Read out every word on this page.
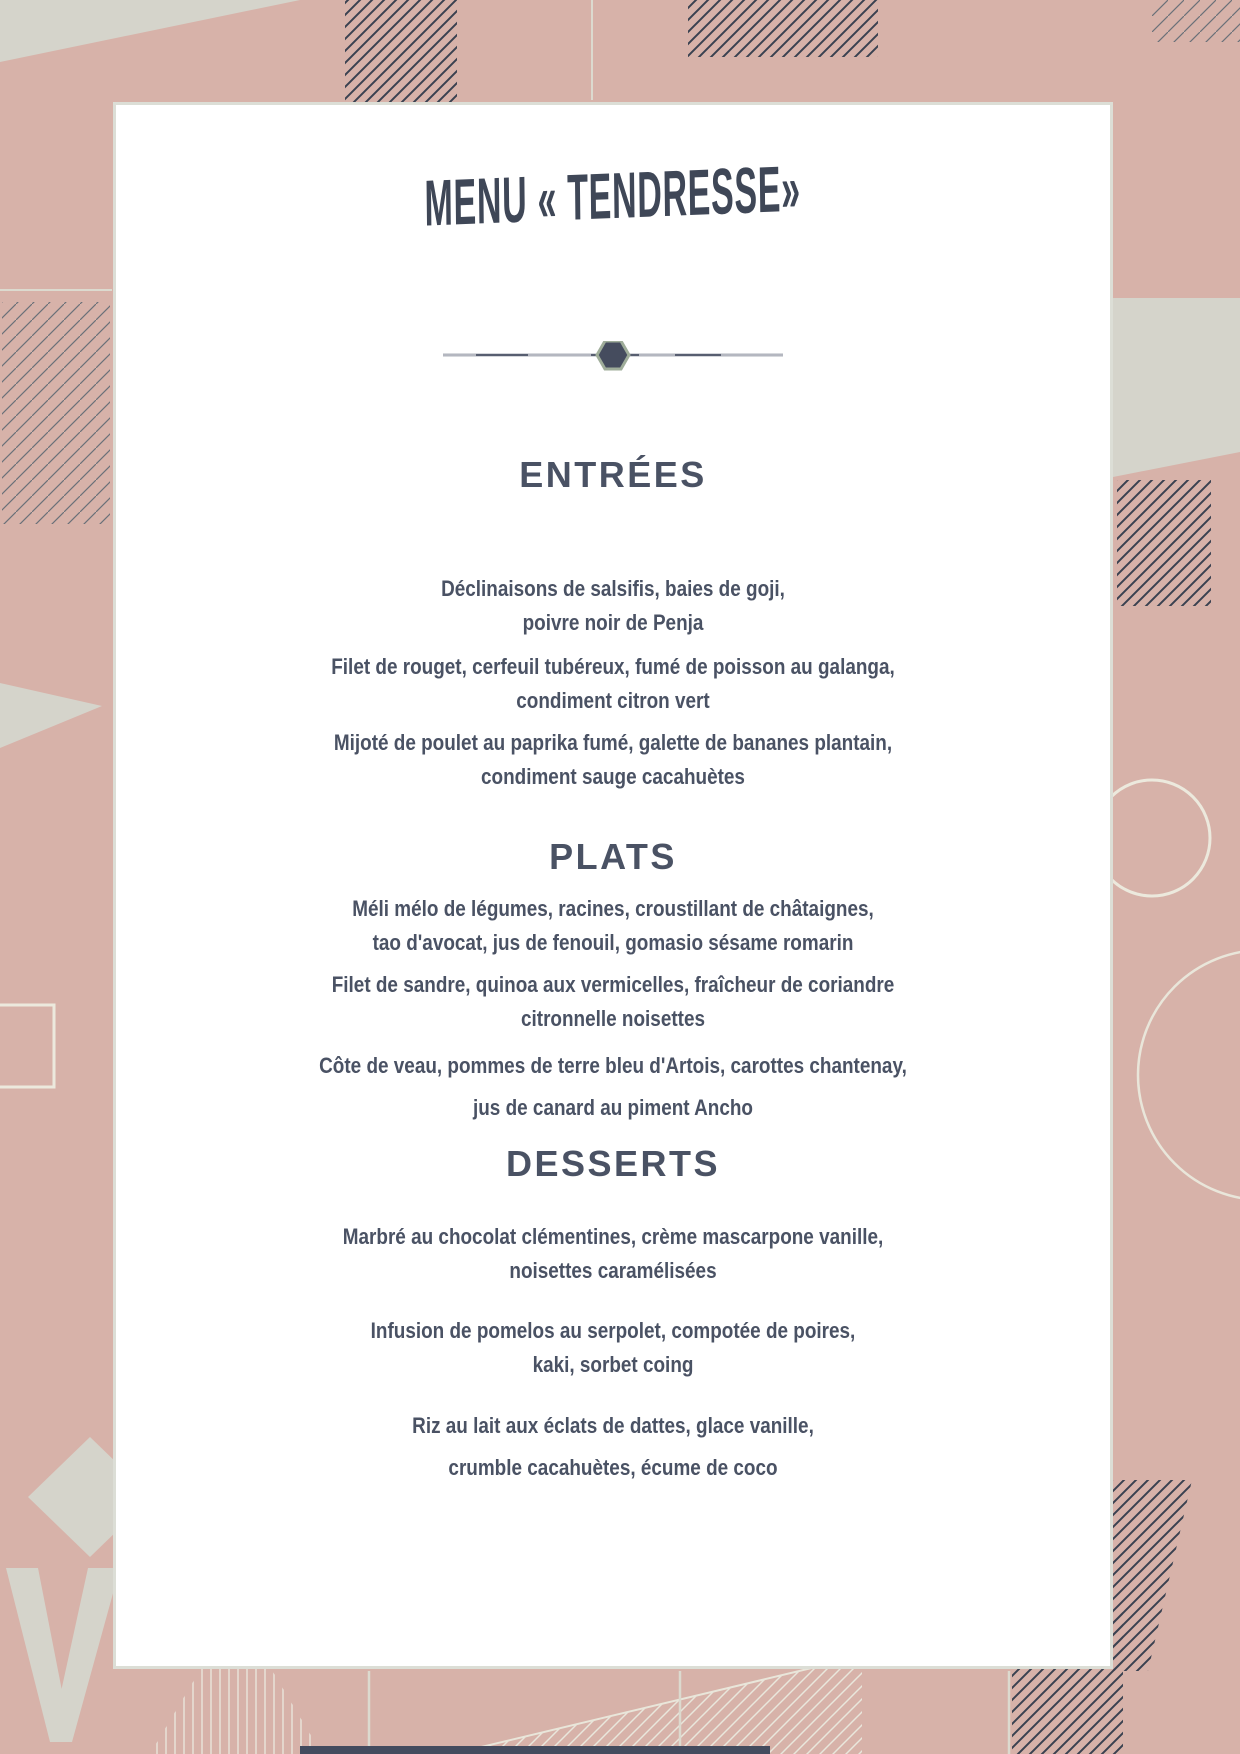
MENU « TENDRESSE»
ENTRÉES
Déclinaisons de salsifis, baies de goji,
poivre noir de Penja
Filet de rouget, cerfeuil tubéreux, fumé de poisson au galanga,
condiment citron vert
Mijoté de poulet au paprika fumé, galette de bananes plantain,
condiment sauge cacahuètes
PLATS
Méli mélo de légumes, racines, croustillant de châtaignes,
tao d'avocat, jus de fenouil, gomasio sésame romarin
Filet de sandre, quinoa aux vermicelles, fraîcheur de coriandre
citronnelle noisettes
Côte de veau, pommes de terre bleu d'Artois, carottes chantenay,
jus de canard au piment Ancho
DESSERTS
Marbré au chocolat clémentines, crème mascarpone vanille,
noisettes caramélisées
Infusion de pomelos au serpolet, compotée de poires,
kaki, sorbet coing
Riz au lait aux éclats de dattes, glace vanille,
crumble cacahuètes, écume de coco
